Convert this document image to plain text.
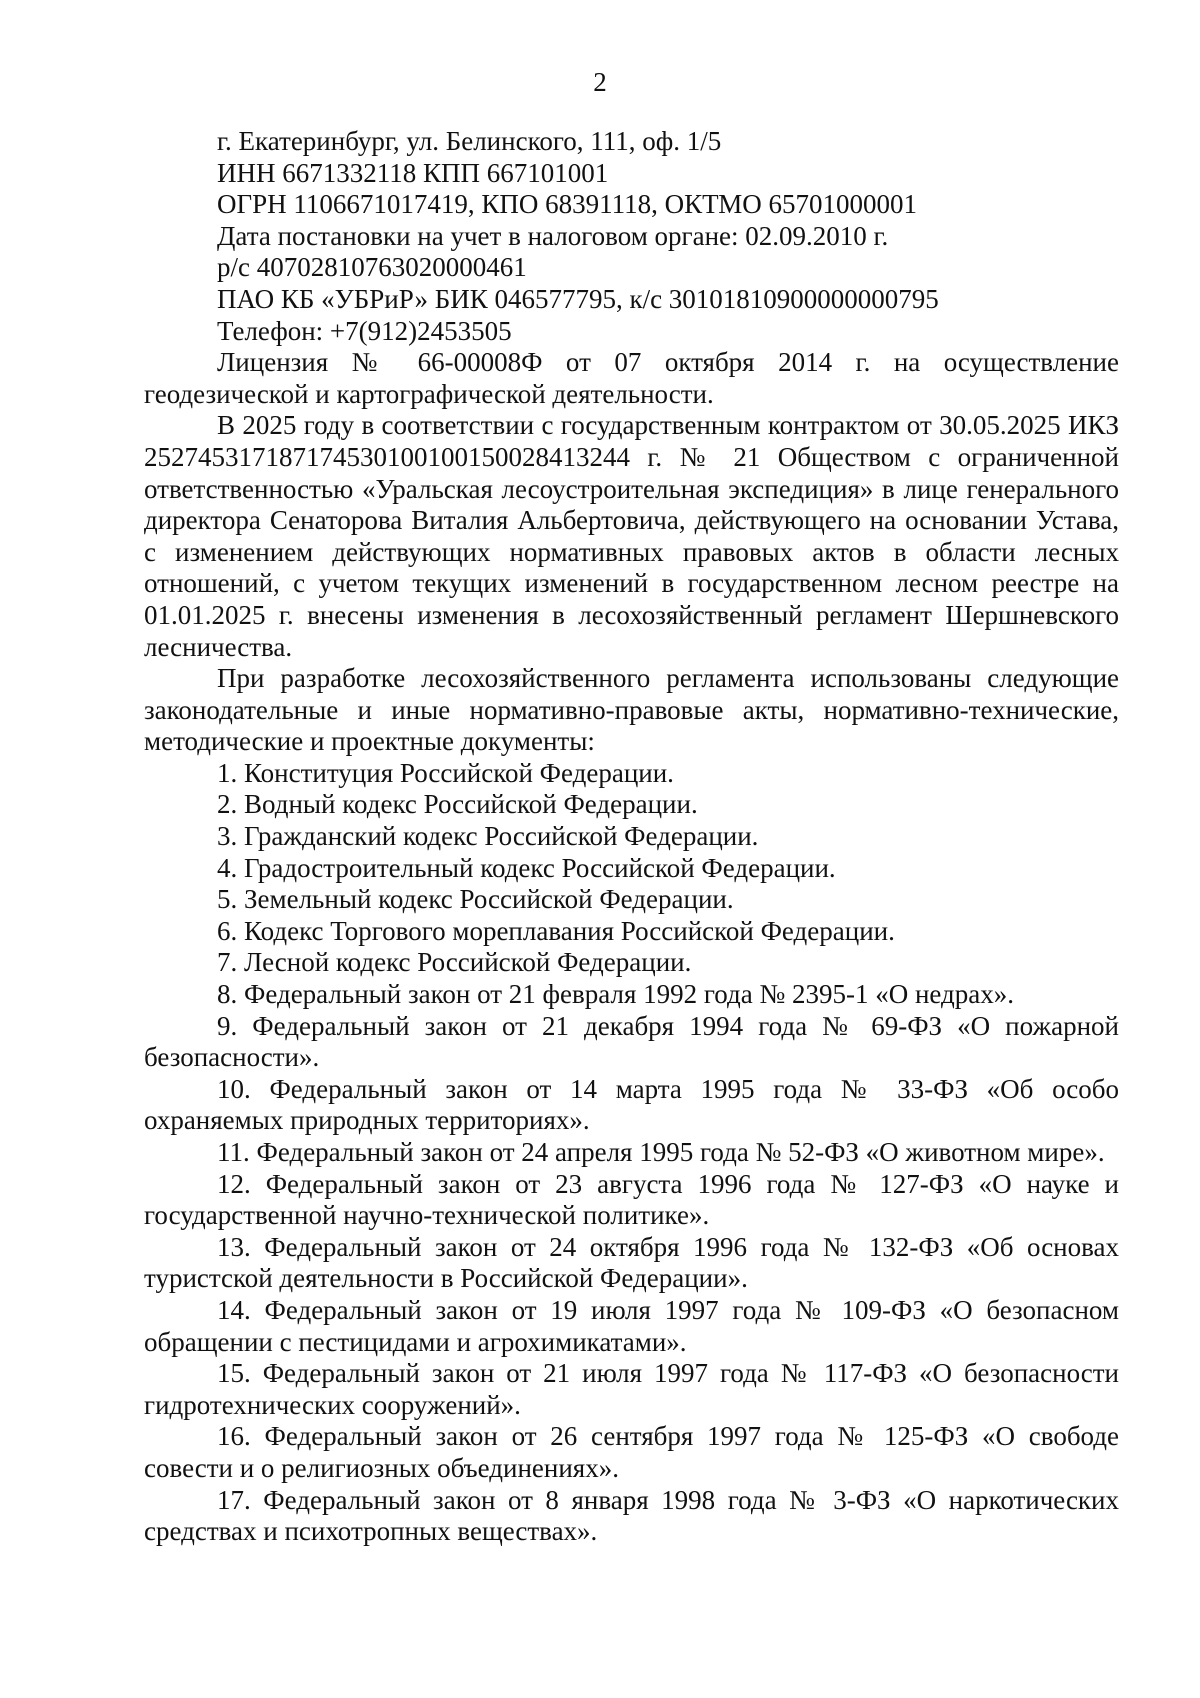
2

г. Екатеринбург, ул. Белинского, 111, оф. 1/5

ИНН 6671332118 КПП 667101001

ОГРН 1106671017419, КПО 68391118, ОКТМО 65701000001

Дата постановки на учет в налоговом органе: 02.09.2010 г.

р/с 40702810763020000461

ПАО КБ «УБРиР» БИК 046577795, к/с 30101810900000000795

Телефон: +7(912)2453505

Лицензия № 66-00008Ф от 07 октября 2014 г. на осуществление геодезической и картографической деятельности.

В 2025 году в соответствии с государственным контрактом от 30.05.2025 ИКЗ 252745317187174530100100150028413244 г. № 21 Обществом с ограниченной ответственностью «Уральская лесоустроительная экспедиция» в лице генерального директора Сенаторова Виталия Альбертовича, действующего на основании Устава, с изменением действующих нормативных правовых актов в области лесных отношений, с учетом текущих изменений в государственном лесном реестре на 01.01.2025 г. внесены изменения в лесохозяйственный регламент Шершневского лесничества.

При разработке лесохозяйственного регламента использованы следующие законодательные и иные нормативно-правовые акты, нормативно-технические, методические и проектные документы:

1. Конституция Российской Федерации.

2. Водный кодекс Российской Федерации.

3. Гражданский кодекс Российской Федерации.

4. Градостроительный кодекс Российской Федерации.

5. Земельный кодекс Российской Федерации.

6. Кодекс Торгового мореплавания Российской Федерации.

7. Лесной кодекс Российской Федерации.

8. Федеральный закон от 21 февраля 1992 года № 2395-1 «О недрах».

9. Федеральный закон от 21 декабря 1994 года № 69-ФЗ «О пожарной безопасности».

10. Федеральный закон от 14 марта 1995 года № 33-ФЗ «Об особо охраняемых природных территориях».

11. Федеральный закон от 24 апреля 1995 года № 52-ФЗ «О животном мире».

12. Федеральный закон от 23 августа 1996 года № 127-ФЗ «О науке и государственной научно-технической политике».

13. Федеральный закон от 24 октября 1996 года № 132-ФЗ «Об основах туристской деятельности в Российской Федерации».

14. Федеральный закон от 19 июля 1997 года № 109-ФЗ «О безопасном обращении с пестицидами и агрохимикатами».

15. Федеральный закон от 21 июля 1997 года № 117-ФЗ «О безопасности гидротехнических сооружений».

16. Федеральный закон от 26 сентября 1997 года № 125-ФЗ «О свободе совести и о религиозных объединениях».

17. Федеральный закон от 8 января 1998 года № 3-ФЗ «О наркотических средствах и психотропных веществах».
